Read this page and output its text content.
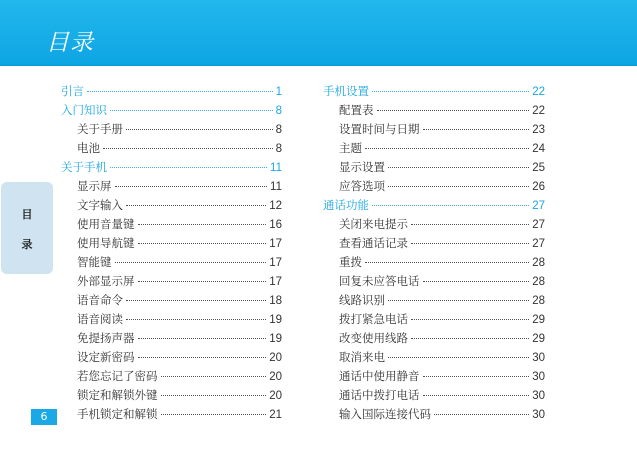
目录
目
录
6
引言	1
入门知识	8
关于手册	8
电池	8
关于手机	11
显示屏	11
文字输入	12
使用音量键	16
使用导航键	17
智能键	17
外部显示屏	17
语音命令	18
语音阅读	19
免提扬声器	19
设定新密码	20
若您忘记了密码	20
锁定和解锁外键	20
手机锁定和解锁	21
手机设置	22
配置表	22
设置时间与日期	23
主题	24
显示设置	25
应答选项	26
通话功能	27
关闭来电提示	27
查看通话记录	27
重拨	28
回复未应答电话	28
线路识别	28
拨打紧急电话	29
改变使用线路	29
取消来电	30
通话中使用静音	30
通话中拨打电话	30
输入国际连接代码	30
